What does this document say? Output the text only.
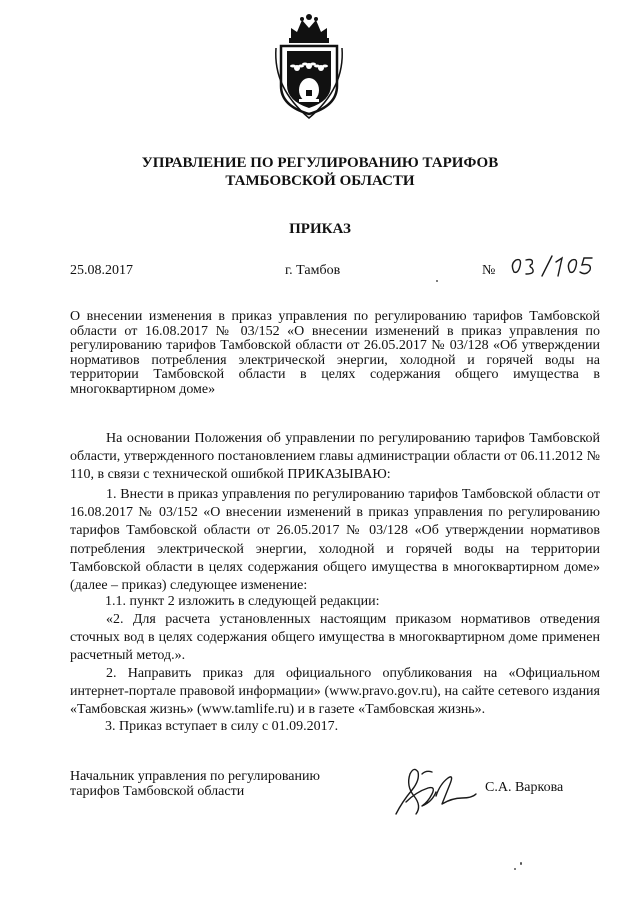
УПРАВЛЕНИЕ ПО РЕГУЛИРОВАНИЮ ТАРИФОВ
ТАМБОВСКОЙ ОБЛАСТИ
ПРИКАЗ
25.08.2017	г. Тамбов	№
О внесении изменения в приказ управления по регулированию тарифов Тамбовской области от 16.08.2017 № 03/152 «О внесении изменений в приказ управления по регулированию тарифов Тамбовской области от 26.05.2017 № 03/128 «Об утверждении нормативов потребления электрической энергии, холодной и горячей воды на территории Тамбовской области в целях содержания общего имущества в многоквартирном доме»
На основании Положения об управлении по регулированию тарифов Тамбовской области, утвержденного постановлением главы администрации области от 06.11.2012 № 110, в связи с технической ошибкой ПРИКАЗЫВАЮ:
1. Внести в приказ управления по регулированию тарифов Тамбовской области от 16.08.2017 № 03/152 «О внесении изменений в приказ управления по регулированию тарифов Тамбовской области от 26.05.2017 № 03/128 «Об утверждении нормативов потребления электрической энергии, холодной и горячей воды на территории Тамбовской области в целях содержания общего имущества в многоквартирном доме» (далее – приказ) следующее изменение:
1.1. пункт 2 изложить в следующей редакции:
«2. Для расчета установленных настоящим приказом нормативов отведения сточных вод в целях содержания общего имущества в многоквартирном доме применен расчетный метод.».
2. Направить приказ для официального опубликования на «Официальном интернет-портале правовой информации» (www.pravo.gov.ru), на сайте сетевого издания «Тамбовская жизнь» (www.tamlife.ru) и в газете «Тамбовская жизнь».
3. Приказ вступает в силу с 01.09.2017.
Начальник управления по регулированию
тарифов Тамбовской области	С.А. Варкова
